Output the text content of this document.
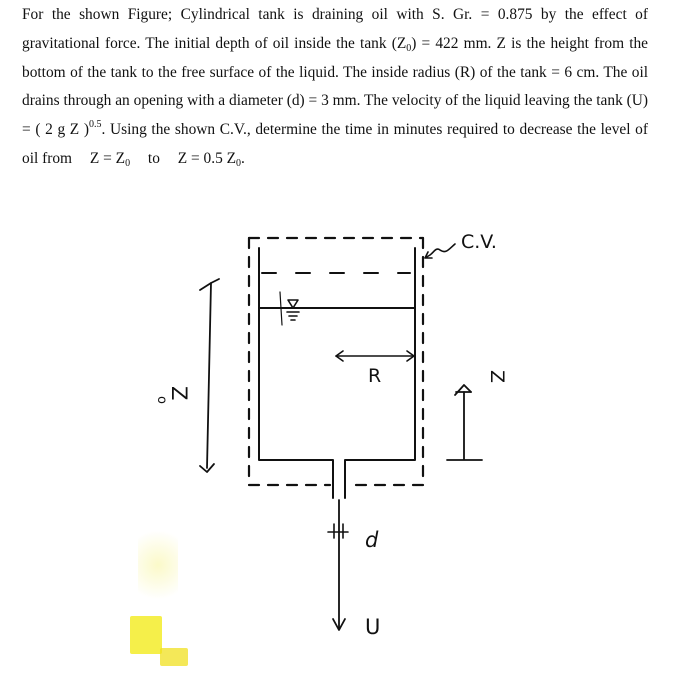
For the shown Figure; Cylindrical tank is draining oil with S. Gr. = 0.875 by the effect of gravitational force. The initial depth of oil inside the tank $(Z_0) = 422$ mm. Z is the height from the bottom of the tank to the free surface of the liquid. The inside radius (R) of the tank = 6 cm. The oil drains through an opening with a diameter (d) = 3 mm. The velocity of the liquid leaving the tank (U) = ( 2 g Z )$^{0.5}$. Using the shown C.V., determine the time in minutes required to decrease the level of oil from $Z = Z_0$ to Z = 0.5 $Z_0$.

C.V.
Z
o
R	Z
d
U
